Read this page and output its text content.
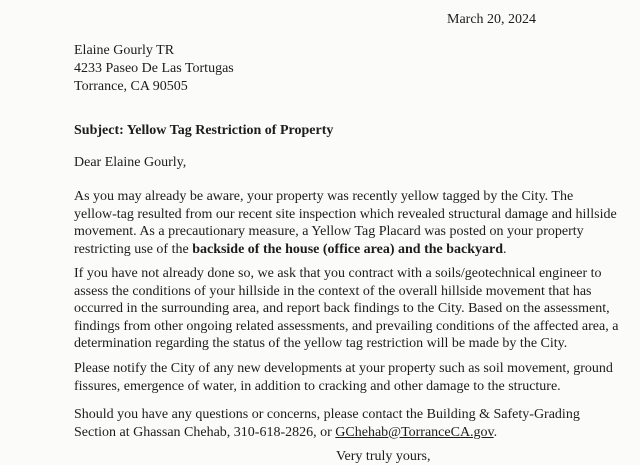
March 20, 2024
Elaine Gourly TR
4233 Paseo De Las Tortugas
Torrance, CA 90505
Subject: Yellow Tag Restriction of Property
Dear Elaine Gourly,
As you may already be aware, your property was recently yellow tagged by the City. The
yellow-tag resulted from our recent site inspection which revealed structural damage and hillside
movement. As a precautionary measure, a Yellow Tag Placard was posted on your property
restricting use of the backside of the house (office area) and the backyard.
If you have not already done so, we ask that you contract with a soils/geotechnical engineer to
assess the conditions of your hillside in the context of the overall hillside movement that has
occurred in the surrounding area, and report back findings to the City. Based on the assessment,
findings from other ongoing related assessments, and prevailing conditions of the affected area, a
determination regarding the status of the yellow tag restriction will be made by the City.
Please notify the City of any new developments at your property such as soil movement, ground
fissures, emergence of water, in addition to cracking and other damage to the structure.
Should you have any questions or concerns, please contact the Building & Safety-Grading
Section at Ghassan Chehab, 310-618-2826, or GChehab@TorranceCA.gov.
Very truly yours,
